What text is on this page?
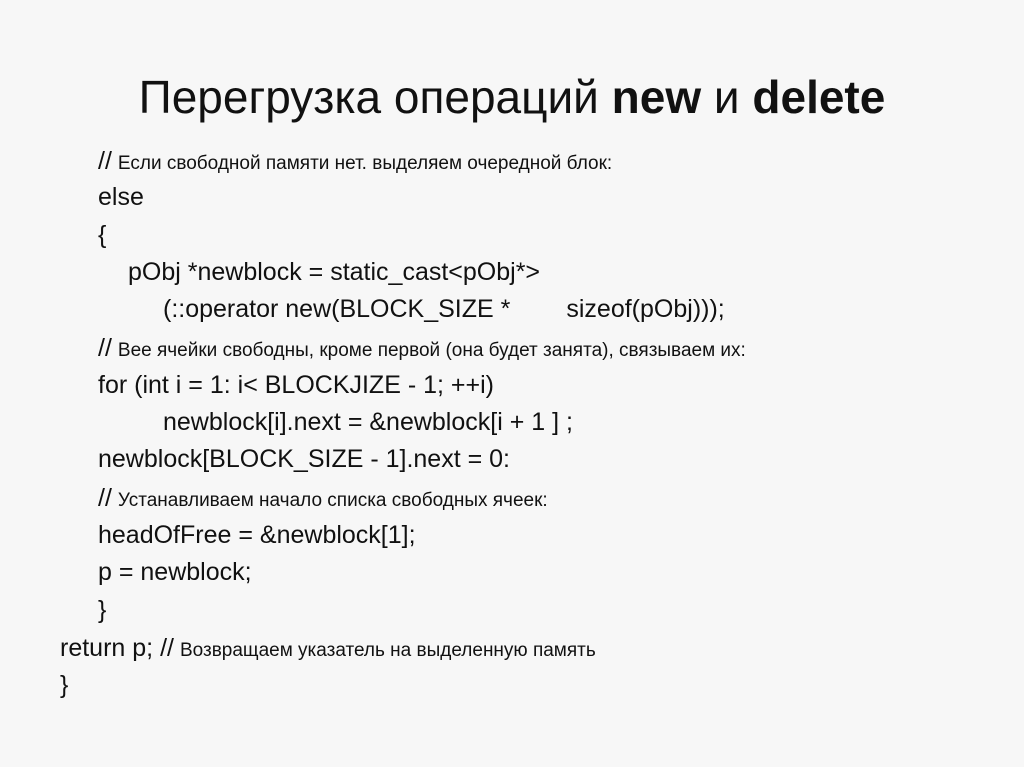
Перегрузка операций new и delete
// Если свободной памяти нет. выделяем очередной блок:
else
{
pObj *newblock = static_cast<pObj*>
(::operator new(BLOCK_SIZE * sizeof(pObj)));
// Вее ячейки свободны, кроме первой (она будет занята), связываем их:
for (int i = 1: i< BLOCKJIZE - 1; ++i)
newblock[i].next = &newblock[i + 1 ] ;
newblock[BLOCK_SIZE - 1].next = 0:
// Устанавливаем начало списка свободных ячеек:
headOfFree = &newblock[1];
p = newblock;
}
return p; // Возвращаем указатель на выделенную память
}
